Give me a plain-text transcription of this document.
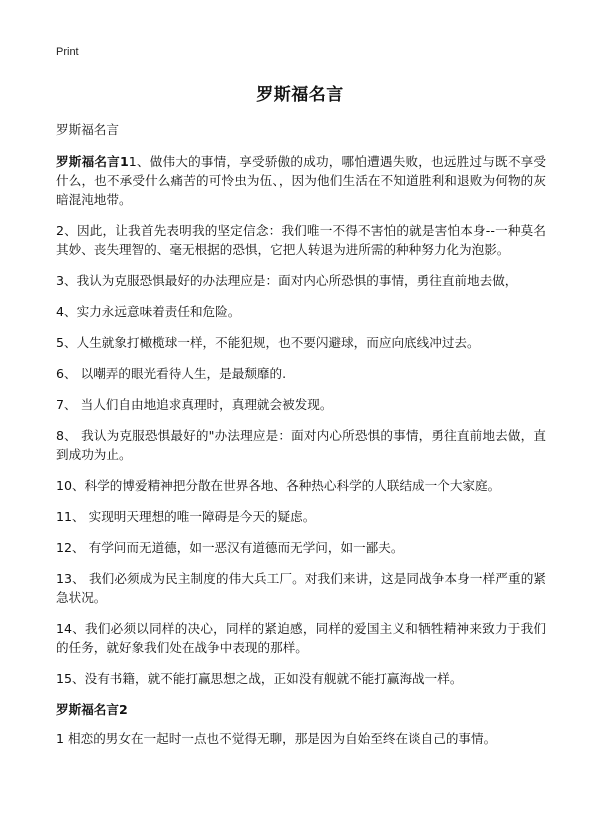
Print
罗斯福名言

罗斯福名言

罗斯福名言11、做伟大的事情，享受骄傲的成功，哪怕遭遇失败，也远胜过与既不享受什么，也不承受什么痛苦的可怜虫为伍、，因为他们生活在不知道胜利和退败为何物的灰暗混沌地带。

2、因此，让我首先表明我的坚定信念：我们唯一不得不害怕的就是害怕本身--一种莫名其妙、丧失理智的、毫无根据的恐惧，它把人转退为进所需的种种努力化为泡影。

3、我认为克服恐惧最好的办法理应是：面对内心所恐惧的事情，勇往直前地去做，

4、实力永远意味着责任和危险。

5、人生就象打橄榄球一样，不能犯规，也不要闪避球，而应向底线冲过去。

6、 以嘲弄的眼光看待人生，是最颓靡的.

7、 当人们自由地追求真理时，真理就会被发现。

8、 我认为克服恐惧最好的"办法理应是：面对内心所恐惧的事情，勇往直前地去做，直到成功为止。

10、科学的博爱精神把分散在世界各地、各种热心科学的人联结成一个大家庭。

11、 实现明天理想的唯一障碍是今天的疑虑。

12、 有学问而无道德，如一恶汉有道德而无学问，如一鄙夫。

13、 我们必须成为民主制度的伟大兵工厂。对我们来讲，这是同战争本身一样严重的紧急状况。

14、我们必须以同样的决心，同样的紧迫感，同样的爱国主义和牺牲精神来致力于我们的任务，就好象我们处在战争中表现的那样。

15、没有书籍，就不能打赢思想之战，正如没有舰就不能打赢海战一样。

罗斯福名言2

1 相恋的男女在一起时一点也不觉得无聊，那是因为自始至终在谈自己的事情。
